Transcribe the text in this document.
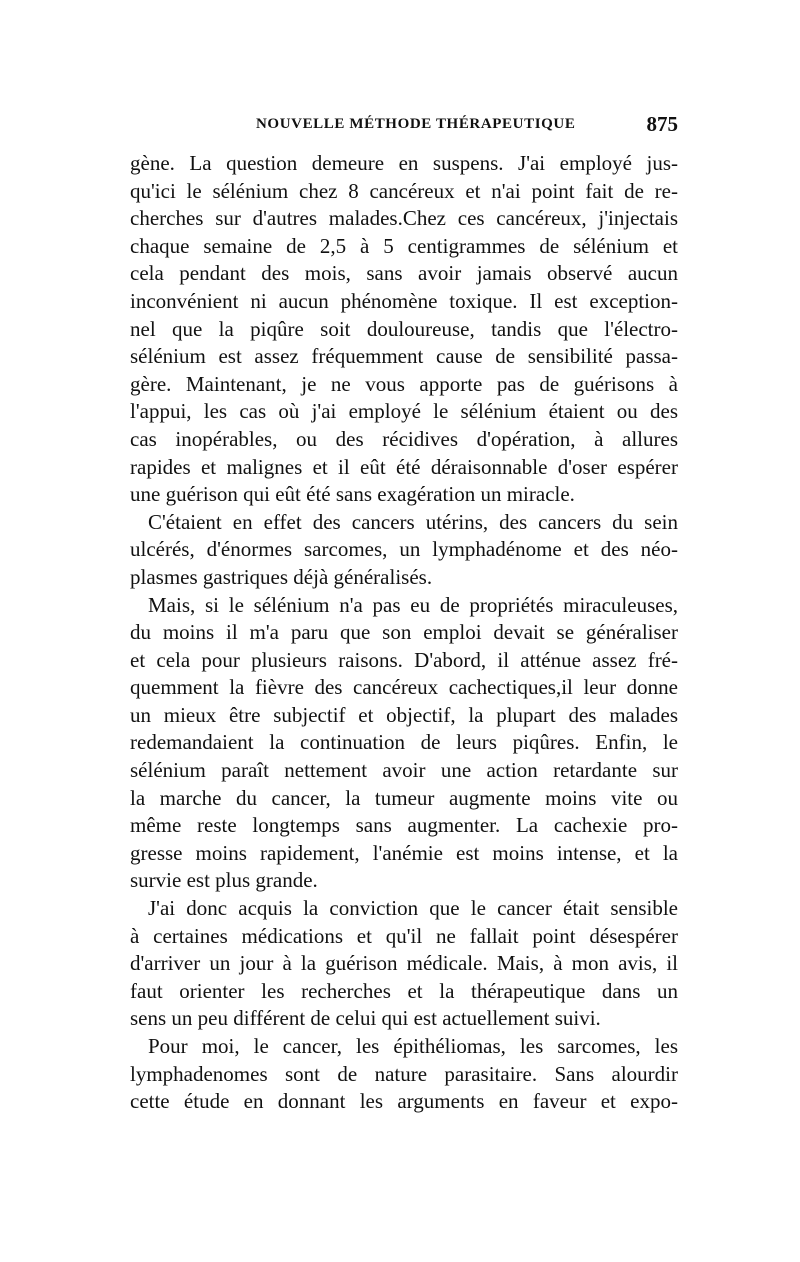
NOUVELLE MÉTHODE THÉRAPEUTIQUE	875
gène. La question demeure en suspens. J'ai employé jus-
qu'ici le sélénium chez 8 cancéreux et n'ai point fait de re-
cherches sur d'autres malades.Chez ces cancéreux, j'injectais
chaque semaine de 2,5 à 5 centigrammes de sélénium et
cela pendant des mois, sans avoir jamais observé aucun
inconvénient ni aucun phénomène toxique. Il est exception-
nel que la piqûre soit douloureuse, tandis que l'électro-
sélénium est assez fréquemment cause de sensibilité passa-
gère. Maintenant, je ne vous apporte pas de guérisons à
l'appui, les cas où j'ai employé le sélénium étaient ou des
cas inopérables, ou des récidives d'opération, à allures
rapides et malignes et il eût été déraisonnable d'oser espérer
une guérison qui eût été sans exagération un miracle.
C'étaient en effet des cancers utérins, des cancers du sein
ulcérés, d'énormes sarcomes, un lymphadénome et des néo-
plasmes gastriques déjà généralisés.
Mais, si le sélénium n'a pas eu de propriétés miraculeuses,
du moins il m'a paru que son emploi devait se généraliser
et cela pour plusieurs raisons. D'abord, il atténue assez fré-
quemment la fièvre des cancéreux cachectiques,il leur donne
un mieux être subjectif et objectif, la plupart des malades
redemandaient la continuation de leurs piqûres. Enfin, le
sélénium paraît nettement avoir une action retardante sur
la marche du cancer, la tumeur augmente moins vite ou
même reste longtemps sans augmenter. La cachexie pro-
gresse moins rapidement, l'anémie est moins intense, et la
survie est plus grande.
J'ai donc acquis la conviction que le cancer était sensible
à certaines médications et qu'il ne fallait point désespérer
d'arriver un jour à la guérison médicale. Mais, à mon avis, il
faut orienter les recherches et la thérapeutique dans un
sens un peu différent de celui qui est actuellement suivi.
Pour moi, le cancer, les épithéliomas, les sarcomes, les
lymphadenomes sont de nature parasitaire. Sans alourdir
cette étude en donnant les arguments en faveur et expo-
